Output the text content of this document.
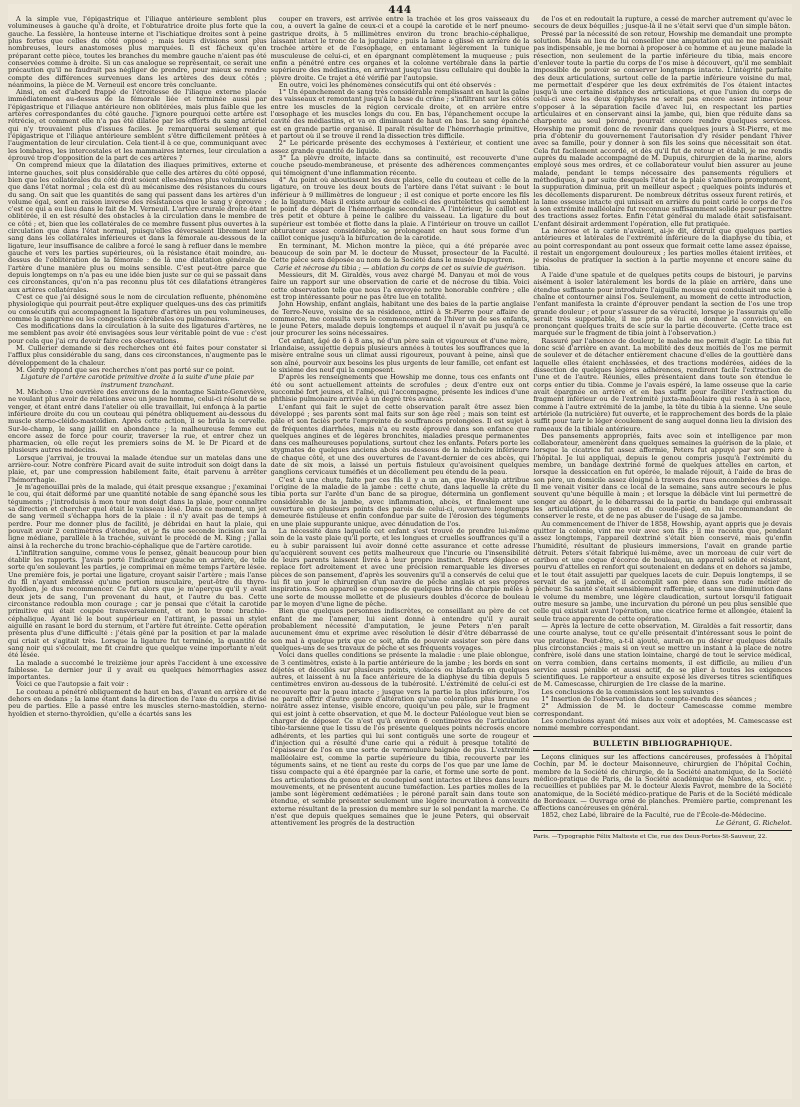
444

A la simple vue, l'épigastrique et l'iliaque antérieure semblent plus volumineuses à gauche qu'à droite, et l'obturatrice droite plus forte que la gauche. La fessière, la honteuse interne et l'ischiatique droites sont à peine plus fortes que celles du côté opposé ; mais leurs divisions sont plus nombreuses, leurs anastomoses plus marquées. Il est fâcheux qu'en préparant cette pièce, toutes les branches du membre gauche n'aient pas été conservées comme à droite. Si un cas analogue se représentait, ce serait une précaution qu'il ne faudrait pas négliger de prendre, pour mieux se rendre compte des différences survenues dans les artères des deux côtés ; néanmoins, la pièce de M. Verneuil est encore très concluante.

Ainsi, on est d'abord frappé de l'étroitesse de l'iliaque externe placée immédiatement au-dessus de la fémorale liée et terminée aussi par l'épigastrique et l'iliaque antérieure non oblitérées, mais plus faible que les artères correspondantes du côté gauche. J'ignore pourquoi cette artère est rétrécie, et comment elle n'a pas été dilatée par les efforts du sang artériel qui n'y trouvaient plus d'issues faciles. Je remarquerai seulement que l'épigastrique et l'iliaque antérieure semblent s'être difficilement prêtées à l'augmentation de leur circulation. Cela tient-il à ce que, communiquant avec les lombaires, les intercostales et les mammaires internes, leur circulation a éprouvé trop d'opposition de la part de ces artères ?

On comprend mieux que la dilatation des iliaques primitives, externe et interne gauches, soit plus considérable que celle des artères du côté opposé, bien que les collatérales du côté droit soient elles-mêmes plus volumineuses que dans l'état normal ; cela est dû au mécanisme des résistances du cours du sang. On sait que les quantités de sang qui passent dans les artères d'un volume égal, sont en raison inverse des résistances que le sang y éprouve ; c'est ce qui a eu lieu dans le fait de M. Verneuil. L'artère crurale droite étant oblitérée, il en est résulté des obstacles à la circulation dans le membre de ce côté ; et, bien que les collatérales de ce membre fussent plus ouvertes à la circulation que dans l'état normal, puisqu'elles déversaient librement leur sang dans les collatérales inférieures et dans la fémorale au-dessous de la ligature, leur insuffisance de calibre a forcé le sang à refluer dans le membre gauche et vers les parties supérieures, où la résistance était moindre, au-dessus de l'oblitération de la fémorale : de là une dilatation générale de l'artère d'une manière plus ou moins sensible. C'est peut-être parce que depuis longtemps on n'a pas eu une idée bien juste sur ce qui se passait dans ces circonstances, qu'on n'a pas reconnu plus tôt ces dilatations étrangères aux artères collatérales.

C'est ce que j'ai désigné sous le nom de circulation refluente, phénomène physiologique qui pourrait peut-être expliquer quelques-uns des cas primitifs ou consécutifs qui accompagnent la ligature d'artères un peu volumineuses, comme la gangrène ou les congestions cérébrales ou pulmonaires.

Ces modifications dans la circulation à la suite des ligatures d'artères, ne me semblent pas avoir été envisagées sous leur véritable point de vue : c'est pour cela que j'ai cru devoir faire ces observations.

M. Cullerier demande si des recherches ont été faites pour constater si l'afflux plus considérable du sang, dans ces circonstances, n'augmente pas le développement de la chaleur.

M. Gerdy répond que ses recherches n'ont pas porté sur ce point.

Ligature de l'artère carotide primitive droite à la suite d'une plaie par instrument tranchant.

M. Michon : Une ouvrière des environs de la montagne Sainte-Geneviève, ne voulant plus avoir de relations avec un jeune homme, celui-ci résolut de se venger, et étant entré dans l'atelier où elle travaillait, lui enfonça à la partie inférieure droite du cou un couteau qui pénétra obliquement au-dessous du muscle sterno-cléido-mastoïdien. Après cette action, il se brûla la cervelle. Sur-le-champ, le sang jaillit en abondance ; la malheureuse femme eut encore assez de force pour courir, traverser la rue, et entrer chez un pharmacien, où elle reçut les premiers soins de M. le Dr Picard et de plusieurs autres médecins.

Lorsque j'arrivai, je trouvai la malade étendue sur un matelas dans une arrière-cour. Notre confrère Picard avait de suite introduit son doigt dans la plaie, et, par une compression habilement faite, était parvenu à arrêter l'hémorrhagie.

Je m'agenouillai près de la malade, qui était presque exsangue ; j'examinai le cou, qui était déformé par une quantité notable de sang épanché sous les téguments ; j'introduisis à mon tour mon doigt dans la plaie, pour connaître sa direction et chercher quel était le vaisseau lésé. Dans ce moment, un jet de sang vermeil s'échappa hors de la plaie : il n'y avait pas de temps à perdre. Pour me donner plus de facilité, je débridai en haut la plaie, qui pouvait avoir 2 centimètres d'étendue, et je fis une seconde incision sur la ligne médiane, parallèle à la trachée, suivant le procédé de M. King ; j'allai ainsi à la recherche du tronc brachio-céphalique que de l'artère carotide.

L'infiltration sanguine, comme vous le pensez, gênait beaucoup pour bien établir les rapports. J'avais porté l'indicateur gauche en arrière, de telle sorte qu'en soulevant les parties, je comprimai en même temps l'artère lésée. Une première fois, je portai une ligature, croyant saisir l'artère ; mais l'anse du fil n'ayant embrassé qu'une portion musculaire, peut-être du thyro-hyoïdien, je dus recommencer. Ce fut alors que je m'aperçus qu'il y avait deux jets de sang, l'un provenant du haut, et l'autre du bas. Cette circonstance redoubla mon courage ; car je pensai que c'était la carotide primitive qui était coupée transversalement, et non le tronc brachio-céphalique. Ayant lié le bout supérieur en l'attirant, je passai un stylet aiguillé en rasant le bord du sternum, et l'artère fut étreinte. Cette opération présenta plus d'une difficulté : j'étais gêné par la position et par la malade qui criait et s'agitait très. Lorsque la ligature fut terminée, la quantité de sang noir qui s'écoulait, me fit craindre que quelque veine importante n'eût été lésée.

La malade a succombé le treizième jour après l'accident à une excessive faiblesse. Le dernier jour il y avait eu quelques hémorrhagies assez importantes.

Voici ce que l'autopsie a fait voir :

Le couteau a pénétré obliquement de haut en bas, d'avant en arrière et de dehors en dedans ; la lame étant dans la direction de l'axe du corps a divisé peu de parties. Elle a passé entre les muscles sterno-mastoïdien, sterno-hyoïdien et sterno-thyroïdien, qu'elle a écartés sans les

couper en travers, est arrivée entre la trachée et les gros vaisseaux du cou, a ouvert la gaîne de ceux-ci et a coupé la carotide et le nerf pneumo-gastrique droits, à 5 millimètres environ du tronc brachio-céphalique, laissant intact le tronc de la jugulaire ; puis la lame a glissé en arrière de la trachée artère et de l'œsophage, en entamant légèrement la tunique musculeuse de celui-ci, et en épargnant complètement la muqueuse ; puis enfin a pénétré entre ces organes et la colonne vertébrale dans la partie supérieure des médiastins, en arrivant jusqu'au tissu cellulaire qui double la plèvre droite. Ce trajet a été vérifié par l'autopsie.

En outre, voici les phénomènes consécutifs qui ont été observés :

1° Un épanchement de sang très considérable remplissant en haut la gaîne des vaisseaux et remontant jusqu'à la base du crâne ; s'infiltrant sur les côtés entre les muscles de la région cervicale droite, et en arrière entre l'œsophage et les muscles longs du cou. En bas, l'épanchement occupe la cavité des médiastins, et va en diminuant de haut en bas. Le sang épanché est en grande partie organisé. Il paraît résulter de l'hémorrhagie primitive, et partout où il se trouve il rend la dissection très difficile.

2° Le péricarde présente des ecchymoses à l'extérieur, et contient une assez grande quantité de liquide.

3° La plèvre droite, intacte dans sa continuité, est recouverte d'une couche pseudo-membraneuse, et présente des adhérences commençantes qui témoignent d'une inflammation récente.

4° Au point où aboutissent les deux plaies, celle du couteau et celle de la ligature, on trouve les deux bouts de l'artère dans l'état suivant : le bout inférieur à 9 millimètres de longueur ; il est conique et porte encore les fils de la ligature. Mais il existe autour de celle-ci des gouttelettes qui semblent le point de départ de l'hémorrhagie secondaire. A l'intérieur, le caillot est très petit et obture à peine le calibre du vaisseau. La ligature du bout supérieur est tombée et flotte dans la plaie. A l'intérieur on trouve un caillot obturateur assez considérable, se prolongeant en haut sous forme d'un caillot conique jusqu'à la bifurcation de la carotide.

En terminant, M. Michon montre la pièce, qui a été préparée avec beaucoup de soin par M. le docteur de Musset, prosecteur de la Faculté. Cette pièce sera déposée au nom de la Société dans le musée Dupuytren.

Carie et nécrose du tibia ; — ablation du corps de cet os suivie de guérison.

Messieurs, dit M. Giraldès, vous avez chargé M. Danyau et moi de vous faire un rapport sur une observation de carie et de nécrose du tibia. Voici cette observation telle que nous l'a envoyée notre honorable confrère ; elle est trop intéressante pour ne pas être lue en totalité.

John Howship, enfant anglais, habitant une des baies de la partie anglaise de Terre-Neuve, voisine de sa résidence, attiré à St-Pierre pour affaire de commerce, me consulta vers le commencement de l'hiver un de ses enfants, le jeune Peters, malade depuis longtemps et auquel il n'avait pu jusqu'à ce jour procurer les soins nécessaires.

Cet enfant, âgé de 6 à 8 ans, né d'un père sain et vigoureux et d'une mère, Irlandaise, assujettie depuis plusieurs années à toutes les souffrances que la misère entraîne sous un climat aussi rigoureux, pouvant à peine, ainsi que son aîné, pourvoir aux besoins les plus urgents de leur famille, cet enfant est le sixième des neuf qui la composent.

D'après les renseignements que Howship me donne, tous ces enfants ont été ou sont actuellement atteints de scrofules ; deux d'entre eux ont succombé fort jeunes, et l'aîné, qui l'accompagne, présente les indices d'une phthisie pulmonaire arrivée à un degré très avancé.

L'enfant qui fait le sujet de cette observation paraît être assez bien développé ; ses parents sont mal faits sur son âge réel ; mais son teint est pâle et son faciès porte l'empreinte de souffrances prolongées. Il est sujet à de fréquentes diarrhées, mais n'a eu reste éprouvé dans son enfance que quelques angines et de légères bronchites, maladies presque permanentes dans ces malheureuses populations, surtout chez les enfants. Peters porte les stygmates de quelques anciens abcès au-dessous de la mâchoire inférieure de chaque côté, et une des ouvertures de l'avant-dernier de ces abcès, qui date de six mois, a laissé un pertuis fistuleux qu'avoisinent quelques ganglions cervicaux tuméfiés et un décollement peu étendu de la peau.

C'est à une chute, faite par ces fils il y a un an, que Howship attribue l'origine de la maladie de la jambe : cette chute, dans laquelle la crête du tibia porta sur l'arête d'un banc de sa pirogue, détermina un gonflement considérable de la jambe, avec inflammation, abcès, et finalement une ouverture en plusieurs points des parois de celui-ci, ouverture longtemps demeurée fistuleuse et enfin confondue par suite de l'érosion des téguments en une plaie suppurante unique, avec dénudation de l'os.

La nécessité dans laquelle cet enfant s'est trouvé de prendre lui-même soin de la vaste plaie qu'il porte, et les longues et cruelles souffrances qu'il a eu à subir paraissent lui avoir donné cette assurance et cette adresse qu'acquièrent souvent ces petits malheureux que l'incurie ou l'insensibilité de leurs parents laissent livrés à leur propre instinct. Peters déplace et replace fort adroitement et avec une précision remarquable les diverses pièces de son pansement, d'après les souvenirs qu'il a conservés de celui que lui fit un jour le chirurgien d'un navire de pêche anglais et ses propres inspirations. Son appareil se compose de quelques brins de charpie mêlés à une sorte de mousse mollette et de plusieurs doubles d'écorce de bouleau par le moyen d'une ligne de pêche.

Bien que quelques personnes indiscrètes, ce conseillant au père de cet enfant de me l'amener, lui aient donné à entendre qu'il y aurait probablement nécessité d'amputation, le jeune Peters n'en paraît aucunement ému et exprime avec résolution le désir d'être débarrassé de son mal à quelque prix que ce soit, afin de pouvoir assister son père dans quelques-uns de ses travaux de pêche et ses fréquents voyages.

Voici dans quelles conditions se présente la maladie : une plaie oblongue, de 3 centimètres, existe à la partie antérieure de la jambe ; les bords en sont déjetés et décollés sur plusieurs points, violacés ou blafards en quelques autres, et laissent à nu la face antérieure de la diaphyse du tibia depuis 5 centimètres environ au-dessous de la tubérosité. L'extrémité de celui-ci est recouverte par la peau intacte ; jusque vers la partie la plus inférieure, l'os ne paraît offrir d'autre genre d'altération qu'une coloration plus brune ou noirâtre assez intense, visible encore, quoiqu'un peu pâle, sur le fragment qui est joint à cette observation, et que M. le docteur Paléologue veut bien se charger de déposer. Ce n'est qu'à environ 6 centimètres de l'articulation tibio-tarsienne que le tissu de l'os présente quelques points nécrosés encore adhérents, et les parties qui lui sont contiguës une sorte de rougeur et d'injection qui a résulté d'une carie qui a réduit à presque totalité de l'épaisseur de l'os en une sorte de vermoulure baignée de pus. L'extrémité malléolaire est, comme la partie supérieure du tibia, recouverte par les téguments sains, et ne tient au reste du corps de l'os que par une lame de tissu compacte qui a été épargnée par la carie, et forme une sorte de pont. Les articulations du genou et du coudepied sont intactes et libres dans leurs mouvements, et ne présentent aucune tuméfaction. Les parties molles de la jambe sont légèrement œdématiées ; le péroné paraît sain dans toute son étendue, et semble présenter seulement une légère incurvation à convexité externe résultant de la pression du membre sur le sol pendant la marche. Ce n'est que depuis quelques semaines que le jeune Peters, qui observait attentivement les progrès de la destruction

de l'os et en redoutait la rupture, a cessé de marcher autrement qu'avec le secours de deux béquilles ; jusque-là il ne s'était servi que d'un simple bâton.

Pressé par la nécessité de son retour, Howship me demandait une prompte solution. Mais au lieu de lui conseiller une amputation qui ne me paraissait pas indispensable, je me bornai à proposer à ce homme et au jeune malade la résection, non seulement de la partie inférieure du tibia, mais encore d'enlever toute la partie du corps de l'os mise à découvert, qu'il me semblait impossible de pouvoir se conserver longtemps intacte. L'intégrité parfaite des deux articulations, surtout celle de la partie inférieure voisine du mal, me permettait d'espérer que les deux extrémités de l'os étaient intactes jusqu'à une certaine distance des articulations, et que l'union du corps de celui-ci avec les deux épiphyses ne serait pas encore assez intime pour s'opposer à la séparation facile d'avec lui, en respectant les parties articulaires et en conservant ainsi la jambe, qui, bien que réduite dans sa charpente au seul péroné, pourrait encore rendre quelques services. Howship me promit donc de revenir dans quelques jours à St-Pierre, et me pria d'obtenir du gouvernement l'autorisation d'y résider pendant l'hiver avec sa famille, pour y donner à son fils les soins que nécessitait son état. Cela fut facilement accordé, et dès qu'il fut de retour et établi, je me rendis auprès du malade accompagné de M. Dupuis, chirurgien de la marine, alors employé sous mes ordres, et ce collaborateur voulut bien assurer au jeune malade, pendant le temps nécessaire des pansements réguliers et méthodiques, à par suite desquels l'état de la plaie s'améliora promptement, la suppuration diminua, prit un meilleur aspect ; quelques points indurés et les décollements disparurent. De nombreux détritus osseux furent retirés, et la lame osseuse intacte qui unissait en arrière du point carié le corps de l'os à son extrémité malléolaire fut reconnue suffisamment solide pour permettre des tractions assez fortes. Enfin l'état général du malade était satisfaisant. L'enfant désirait ardemment l'opération, elle fut pratiquée.

La nécrose et la carie n'avaient, ai-je dit, détruit que quelques parties antérieures et latérales de l'extrémité inférieure de la diaphyse du tibia, et au point correspondant au pont osseux que formait cette lame assez épaisse, il restait un engorgement douloureux ; les parties molles étaient irritées, et je résolus de pratiquer la section à la partie moyenne et encore saine du tibia.

A l'aide d'une spatule et de quelques petits coups de bistouri, je parvins aisément à isoler latéralement les bords de la plaie en arrière, dans une étendue suffisante pour introduire l'aiguille mousse qui conduisait une scie à chaîne et contourner ainsi l'os. Seulement, au moment de cette introduction, l'enfant manifesta la crainte d'éprouver pendant la section de l'os une trop grande douleur ; et pour s'assurer de sa véracité, lorsque je l'assurais qu'elle serait très supportable, il me pria de lui en donner la conviction, en prononçant quelques traits de scie sur la partie découverte. (Cette trace est marquée sur le fragment de tibia joint à l'observation.)

Rassuré par l'absence de douleur, le malade me permit d'agir. Le tibia fut donc scié d'arrière en avant. La mobilité des deux moitiés de l'os me permit de soulever et de détacher entièrement chacune d'elles de la gouttière dans laquelle elles étaient enchâssées, et des tractions modérées, aidées de la dissection de quelques légères adhérences, rendirent facile l'extraction de l'une et de l'autre. Réunies, elles présentaient dans toute son étendue le corps entier du tibia. Comme je l'avais espéré, la lame osseuse que la carie avait épargnée en arrière et en bas suffit pour faciliter l'extraction du fragment inférieur ou de l'extrémité juxta-malléolaire qui resta à sa place, comme à l'autre extrémité de la jambe, la tête du tibia à la sienne. Une seule artériole (la nutricière) fut ouverte, et le rapprochement des bords de la plaie suffit pour tarir le léger écoulement de sang auquel donna lieu la division des rameaux de la tibiale antérieure.

Des pansements appropriés, faits avec soin et intelligence par mon collaborateur, amenèrent dans quelques semaines la guérison de la plaie, et lorsque la cicatrice fut assez affermie, Peters fut appuyé par son père à l'hôpital. Je lui appliquai, depuis le genou compris jusqu'à l'extrémité du membre, un bandage dextriné formé de quelques attelles en carton, et lorsque la dessiccation en fut opérée, le malade réjouit, à l'aide de bras de son père, un domicile assez éloigné à travers des rues encombrées de neige. Il me venait visiter dans ce local de la semaine, sans autre secours le plus souvent qu'une béquille à main ; et lorsque la débâcle vint lui permettre de songer au départ, je le débarrassai de la partie du bandage qui embrassait les articulations du genou et du coude-pied, en lui recommandant de conserver le reste, et de ne pas abuser de l'usage de sa jambe.

Au commencement de l'hiver de 1858, Howship, ayant appris que je devais quitter la colonie, vint me voir avec son fils ; il me raconta que, pendant assez longtemps, l'appareil dextriné s'était bien conservé, mais qu'enfin l'humidité, résultant de plusieurs immersions, l'avait en grande partie détruit. Peters s'était fabriqué lui-même, avec un morceau de cuir vert de caribou et une coque d'écorce de bouleau, un appareil solide et résistant, pourvu d'attelles en renfort qui soutenaient en dedans et en dehors sa jambe, et le tout était assujetti par quelques lacets de cuir. Depuis longtemps, il se servait de sa jambe, et il accomplit son père dans son rude métier de pêcheur. Sa santé s'était sensiblement raffermie, et sans une diminution dans le volume du membre, une légère claudication, surtout lorsqu'il fatiguait outre mesure sa jambe, une incurvation du péroné un peu plus sensible que celle qui existait avant l'opération, une cicatrice ferme et allongée, étaient la seule trace apparente de cette opération.

— Après la lecture de cette observation, M. Giraldès a fait ressortir, dans une courte analyse, tout ce qu'elle présentait d'intéressant sous le point de vue pratique. Peut-être, a-t-il ajouté, aurait-on pu désirer quelques détails plus circonstanciés ; mais si on veut se mettre un instant à la place de notre confrère, isolé dans une station lointaine, chargé de tout le service médical, on verra combien, dans certains moments, il est difficile, au milieu d'un service aussi pénible et aussi actif, de se plier à toutes les exigences scientifiques. Le rapporteur a ensuite exposé les diverses titres scientifiques de M. Camescasse, chirurgien de 1re classe de la marine.

Les conclusions de la commission sont les suivantes :

1° Insertion de l'observation dans le compte-rendu des séances ;

2° Admission de M. le docteur Camescasse comme membre correspondant.

Les conclusions ayant été mises aux voix et adoptées, M. Camescasse est nommé membre correspondant.

BULLETIN BIBLIOGRAPHIQUE.

Leçons cliniques sur les affections cancéreuses, professées à l'hôpital Cochin, par M. le docteur Maisonneuve, chirurgien de l'hôpital Cochin, membre de la Société de chirurgie, de la Société anatomique, de la Société médico-pratique de Paris, de la Société académique de Nantes, etc., etc. ; recueillies et publiées par M. le docteur Alexis Favrot, membre de la Société anatomique, de la Société médico-pratique de Paris et de la Société médicale de Bordeaux. — Ouvrage orné de planches. Première partie, comprenant les affections cancéreuses en général.

1852, chez Labé, libraire de la Faculté, rue de l'École-de-Médecine.

Le Gérant, G. Richelot.

Paris. —Typographie Félix Malteste et Cie, rue des Deux-Portes-St-Sauveur, 22.
